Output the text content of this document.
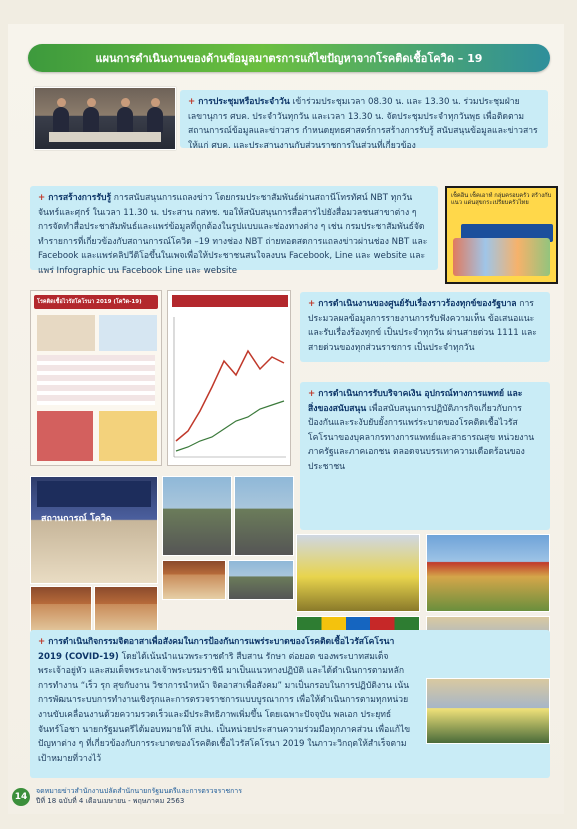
แผนการดำเนินงานของด้านข้อมูลมาตรการแก้ไขปัญหาจากโรคติดเชื้อโควิด – 19

+ การประชุมหรือประจำวัน เข้าร่วมประชุมเวลา 08.30 น. และ 13.30 น. ร่วมประชุมฝ่ายเลขานุการ ศบค. ประจำวันทุกวัน และเวลา 13.30 น. จัดประชุมประจำทุกวันพุธ เพื่อติดตามสถานการณ์ข้อมูลและข่าวสาร กำหนดยุทธศาสตร์การสร้างการรับรู้ สนับสนุนข้อมูลและข่าวสารให้แก่ ศบค. และประสานงานกับส่วนราชการในส่วนที่เกี่ยวข้อง

+ การสร้างการรับรู้ การสนับสนุนการแถลงข่าว โดยกรมประชาสัมพันธ์ผ่านสถานีโทรทัศน์ NBT ทุกวันจันทร์และศุกร์ ในเวลา 11.30 น. ประสาน กสทช. ขอให้สนับสนุนการสื่อสารไปยังสื่อมวลชนสาขาต่าง ๆ การจัดทำสื่อประชาสัมพันธ์และแพร่ข้อมูลที่ถูกต้องในรูปแบบและช่องทางต่าง ๆ เช่น กรมประชาสัมพันธ์จัดทำรายการที่เกี่ยวข้องกับสถานการณ์โควิด –19 ทางช่อง NBT ถ่ายทอดสดการแถลงข่าวผ่านช่อง NBT และ Facebook และแพร่คลิปวีดิโอขึ้นในเพจเพื่อให้ประชาชนสนใจลงบน Facebook, Line และ website และแพร่ Infographic บน Facebook Line และ website

เช็คอิน เช็คเอาท์ กลุ่มครอบครัว สร้างกับแนว แด่นสุขกระเปรียบครัวไทย
โรคติดเชื้อไวรัสโคโรนา 2019 (โควิด-19)	+ การดำเนินงานของศูนย์รับเรื่องราวร้องทุกข์ของรัฐบาล การประมวลผลข้อมูลการรายงานการรับฟังความเห็น ข้อเสนอแนะและรับเรื่องร้องทุกข์ เป็นประจำทุกวัน ผ่านสายด่วน 1111 และสายด่วนของทุกส่วนราชการ เป็นประจำทุกวัน

+ การดำเนินการรับบริจาคเงิน อุปกรณ์ทางการแพทย์ และสิ่งของสนับสนุน เพื่อสนับสนุนการปฏิบัติภารกิจเกี่ยวกับการป้องกันและระงับยับยั้งการแพร่ระบาดของโรคติดเชื้อไวรัสโคโรนาของบุคลากรทางการแพทย์และสาธารณสุข หน่วยงานภาครัฐและภาคเอกชน ตลอดจนบรรเทาความเดือดร้อนของประชาชน

สถานการณ์ โควิด

+ การดำเนินกิจกรรมจิตอาสาเพื่อสังคมในการป้องกันการแพร่ระบาดของโรคติดเชื้อไวรัสโคโรนา 2019 (COVID-19) โดยได้เน้นนำแนวพระราชดำริ สืบสาน รักษา ต่อยอด ของพระบาทสมเด็จพระเจ้าอยู่หัว และสมเด็จพระนางเจ้าพระบรมราชินี มาเป็นแนวทางปฏิบัติ และได้ดำเนินการตามหลักการทำงาน “เร็ว รุก สุขกับงาน วิชาการนำหน้า จิตอาสาเพื่อสังคม” มาเป็นกรอบในการปฏิบัติงาน เน้นการพัฒนาระบบการทำงานเชิงรุกและการตรวจราชการแบบบูรณาการ เพื่อให้ดำเนินการตามทุกหน่วยงานขับเคลื่อนงานด้วยความรวดเร็วและมีประสิทธิภาพเพิ่มขึ้น โดยเฉพาะปัจจุบัน พลเอก ประยุทธ์ จันทร์โอชา นายกรัฐมนตรีได้มอบหมายให้ สปน. เป็นหน่วยประสานความร่วมมือทุกภาคส่วน เพื่อแก้ไขปัญหาต่าง ๆ ที่เกี่ยวข้องกับการระบาดของโรคติดเชื้อไวรัสโคโรนา 2019 ในภาวะวิกฤตให้สำเร็จตามเป้าหมายที่วางไว้

14
จดหมายข่าวสำนักงานปลัดสำนักนายกรัฐมนตรีและการตรวจราชการ
ปีที่ 18 ฉบับที่ 4 เดือนเมษายน - พฤษภาคม 2563
